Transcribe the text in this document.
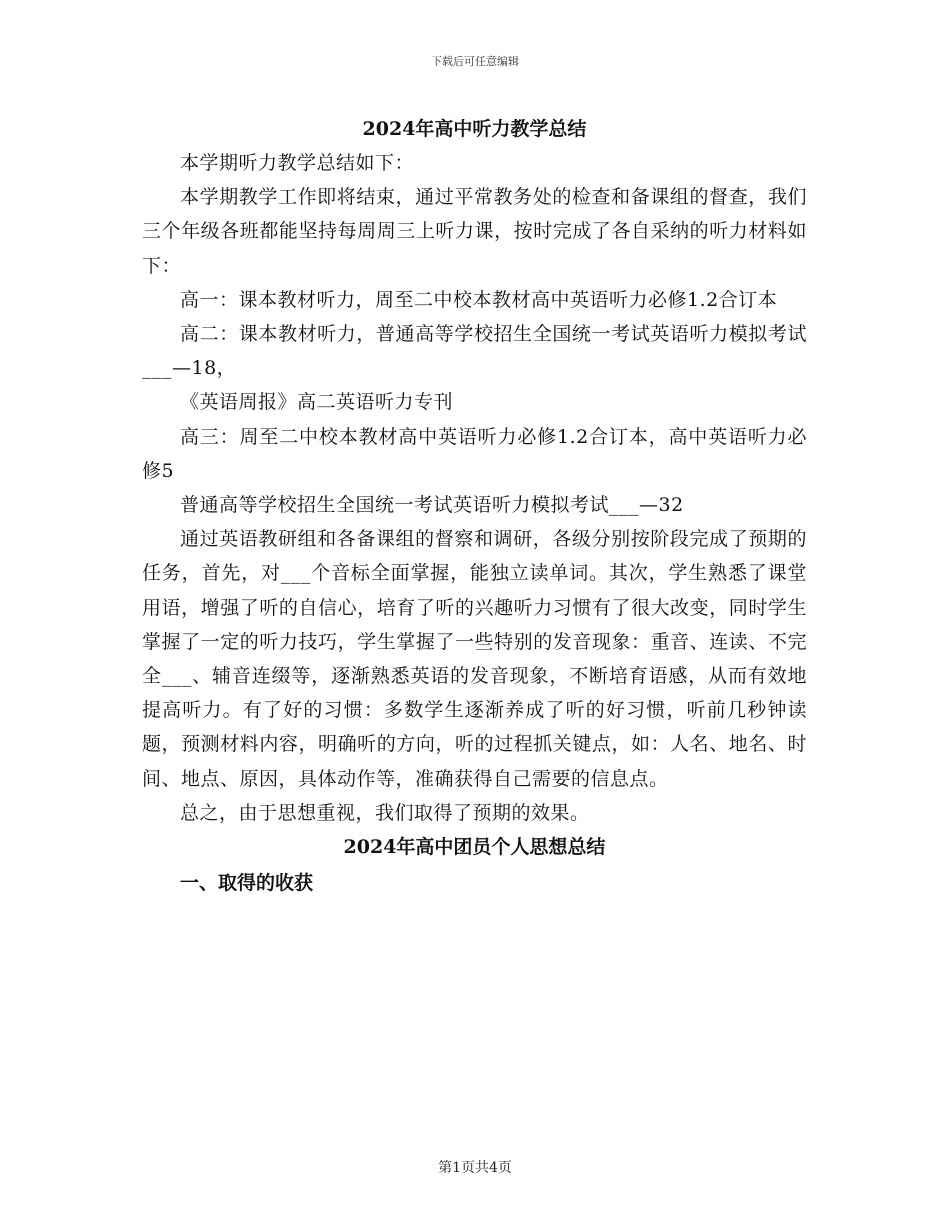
下载后可任意编辑
2024年高中听力教学总结

本学期听力教学总结如下：

本学期教学工作即将结束，通过平常教务处的检查和备课组的督查，我们三个年级各班都能坚持每周周三上听力课，按时完成了各自采纳的听力材料如下：

高一：课本教材听力，周至二中校本教材高中英语听力必修1.2合订本

高二：课本教材听力，普通高等学校招生全国统一考试英语听力模拟考试___—18，

《英语周报》高二英语听力专刊

高三：周至二中校本教材高中英语听力必修1.2合订本，高中英语听力必修5

普通高等学校招生全国统一考试英语听力模拟考试___—32

通过英语教研组和各备课组的督察和调研，各级分别按阶段完成了预期的任务，首先，对___个音标全面掌握，能独立读单词。其次，学生熟悉了课堂用语，增强了听的自信心，培育了听的兴趣听力习惯有了很大改变，同时学生掌握了一定的听力技巧，学生掌握了一些特别的发音现象：重音、连读、不完全___、辅音连缀等，逐渐熟悉英语的发音现象，不断培育语感，从而有效地提高听力。有了好的习惯：多数学生逐渐养成了听的好习惯，听前几秒钟读题，预测材料内容，明确听的方向，听的过程抓关键点，如：人名、地名、时间、地点、原因，具体动作等，准确获得自己需要的信息点。

总之，由于思想重视，我们取得了预期的效果。

2024年高中团员个人思想总结
一、取得的收获
第1页共4页
